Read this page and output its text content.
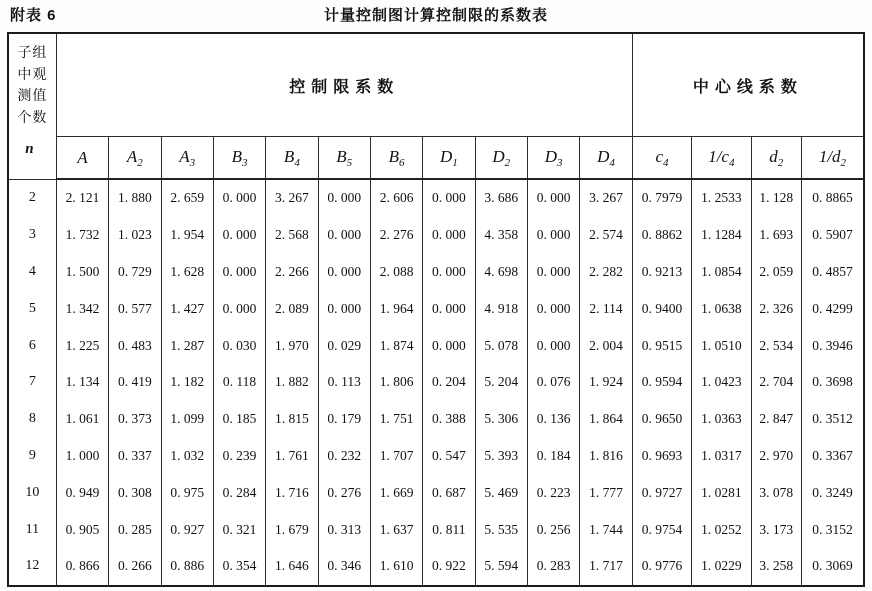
附表 6	计量控制图计算控制限的系数表
子组
中观
测值
个数
n	控制限系数											中心线系数			
	A	$A_2$	$A_3$	$B_3$	$B_4$	$B_5$	$B_6$	$D_1$	$D_2$	$D_3$	$D_4$	$c_4$	$1/c_4$	$d_2$	$1/d_2$
2	2. 121	1. 880	2. 659	0. 000	3. 267	0. 000	2. 606	0. 000	3. 686	0. 000	3. 267	0. 7979	1. 2533	1. 128	0. 8865
3	1. 732	1. 023	1. 954	0. 000	2. 568	0. 000	2. 276	0. 000	4. 358	0. 000	2. 574	0. 8862	1. 1284	1. 693	0. 5907
4	1. 500	0. 729	1. 628	0. 000	2. 266	0. 000	2. 088	0. 000	4. 698	0. 000	2. 282	0. 9213	1. 0854	2. 059	0. 4857
5	1. 342	0. 577	1. 427	0. 000	2. 089	0. 000	1. 964	0. 000	4. 918	0. 000	2. 114	0. 9400	1. 0638	2. 326	0. 4299
6	1. 225	0. 483	1. 287	0. 030	1. 970	0. 029	1. 874	0. 000	5. 078	0. 000	2. 004	0. 9515	1. 0510	2. 534	0. 3946
7	1. 134	0. 419	1. 182	0. 118	1. 882	0. 113	1. 806	0. 204	5. 204	0. 076	1. 924	0. 9594	1. 0423	2. 704	0. 3698
8	1. 061	0. 373	1. 099	0. 185	1. 815	0. 179	1. 751	0. 388	5. 306	0. 136	1. 864	0. 9650	1. 0363	2. 847	0. 3512
9	1. 000	0. 337	1. 032	0. 239	1. 761	0. 232	1. 707	0. 547	5. 393	0. 184	1. 816	0. 9693	1. 0317	2. 970	0. 3367
10	0. 949	0. 308	0. 975	0. 284	1. 716	0. 276	1. 669	0. 687	5. 469	0. 223	1. 777	0. 9727	1. 0281	3. 078	0. 3249
11	0. 905	0. 285	0. 927	0. 321	1. 679	0. 313	1. 637	0. 811	5. 535	0. 256	1. 744	0. 9754	1. 0252	3. 173	0. 3152
12	0. 866	0. 266	0. 886	0. 354	1. 646	0. 346	1. 610	0. 922	5. 594	0. 283	1. 717	0. 9776	1. 0229	3. 258	0. 3069
